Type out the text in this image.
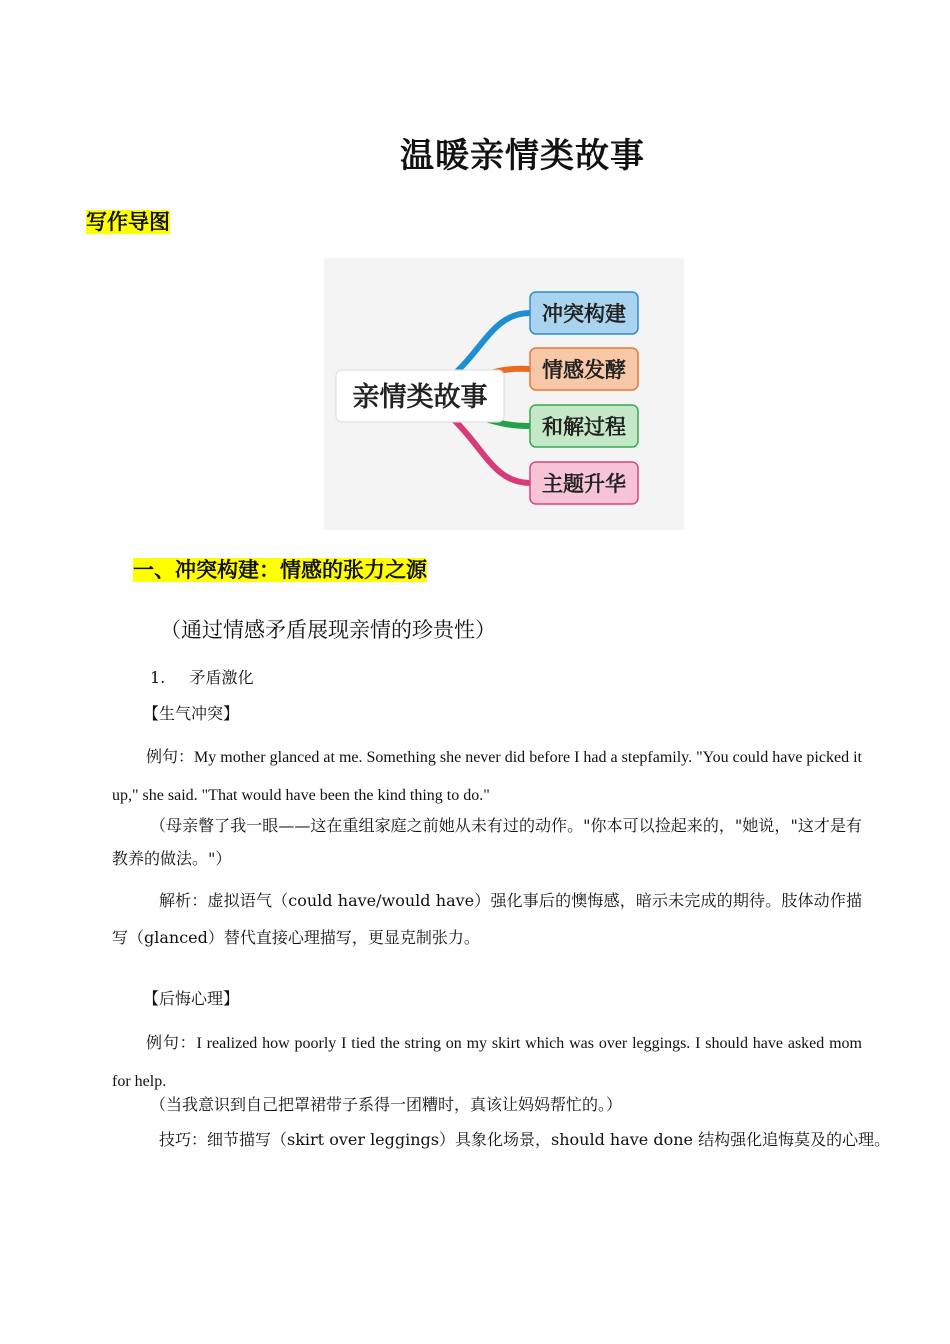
温暖亲情类故事
写作导图
亲情类故事
冲突构建
情感发酵
和解过程
主题升华
一、冲突构建：情感的张力之源
（通过情感矛盾展现亲情的珍贵性）
1. 矛盾激化
【生气冲突】
例句：My mother glanced at me. Something she never did before I had a stepfamily. "You could have picked it up," she said. "That would have been the kind thing to do."
（母亲瞥了我一眼——这在重组家庭之前她从未有过的动作。"你本可以捡起来的，"她说，"这才是有教养的做法。"）
解析：虚拟语气（could have/would have）强化事后的懊悔感，暗示未完成的期待。肢体动作描写（glanced）替代直接心理描写，更显克制张力。
【后悔心理】
例句：I realized how poorly I tied the string on my skirt which was over leggings. I should have asked mom for help.
（当我意识到自己把罩裙带子系得一团糟时，真该让妈妈帮忙的。）
技巧：细节描写（skirt over leggings）具象化场景，should have done 结构强化追悔莫及的心理。
